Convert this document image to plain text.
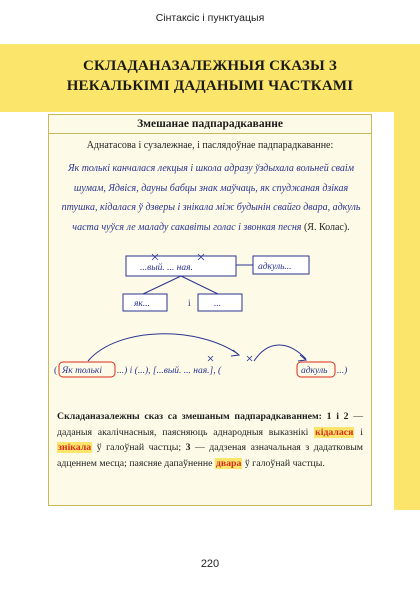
Сінтаксіс і пунктуацыя
СКЛАДАНАЗАЛЕЖНЫЯ СКАЗЫ З
НЕКАЛЬКІМІ ДАДАНЫМІ ЧАСТКАМІ
Змешанае падпарадкаванне
Аднатасова і сузалежнае, і паслядоўнае падпарадкаванне:
Як толькі канчалася лекцыя і школа адразу ўздыхала вольней сваім шумам, Ядвіся, дауны бабцы знак маўчаць, як спуджаная дзікая птушка, кідалася ў дзверы і знікала між будынін свайго двара, адкуль часта чуўся ле маладу сакавіты голас і звонкая песня (Я. Колас).
Складаназалежны сказ са змешаным падпарадкаваннем: 1 і 2 — даданыя акалічнасныя, паясняюць аднародныя выказнікі кідалася і знікала ў галоўнай частцы; 3 — дадзеная азначальная з дадатковым адценнем месца; паясняе дапаўненне двара ў галоўнай частцы.
...вый. ... ная.	адкуль...
як...	і ...
( Як толькі ...) і (...), [...вый. ... ная.], (	адкуль ...)
220
